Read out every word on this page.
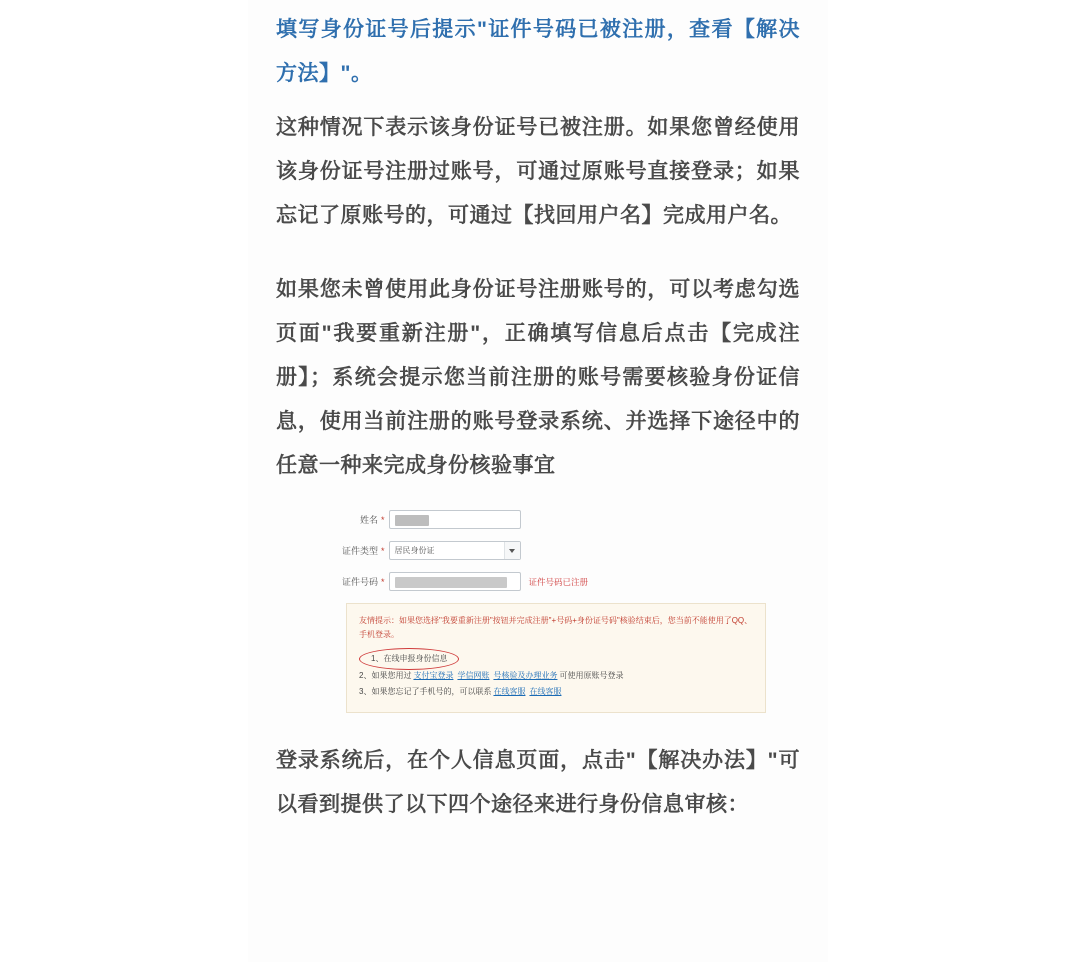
填写身份证号后提示"证件号码已被注册，查看【解决方法】"。

这种情况下表示该身份证号已被注册。如果您曾经使用该身份证号注册过账号，可通过原账号直接登录；如果忘记了原账号的，可通过【找回用户名】完成用户名。

如果您未曾使用此身份证号注册账号的，可以考虑勾选页面"我要重新注册"，正确填写信息后点击【完成注册】；系统会提示您当前注册的账号需要核验身份证信息，使用当前注册的账号登录系统、并选择下途径中的任意一种来完成身份核验事宜

姓名 *
证件类型 *	居民身份证
证件号码 *	证件号码已注册

友情提示：如果您选择"我要重新注册"按钮并完成注册"+号码+身份证号码"核验结束后，您当前不能使用了QQ、手机登录。

1、在线申报身份信息

2、如果您用过 支付宝登录 学信网账 号核验及办理业务 可使用原账号登录

3、如果您忘记了手机号的，可以联系 在线客服 在线客服

登录系统后，在个人信息页面，点击"【解决办法】"可以看到提供了以下四个途径来进行身份信息审核：
